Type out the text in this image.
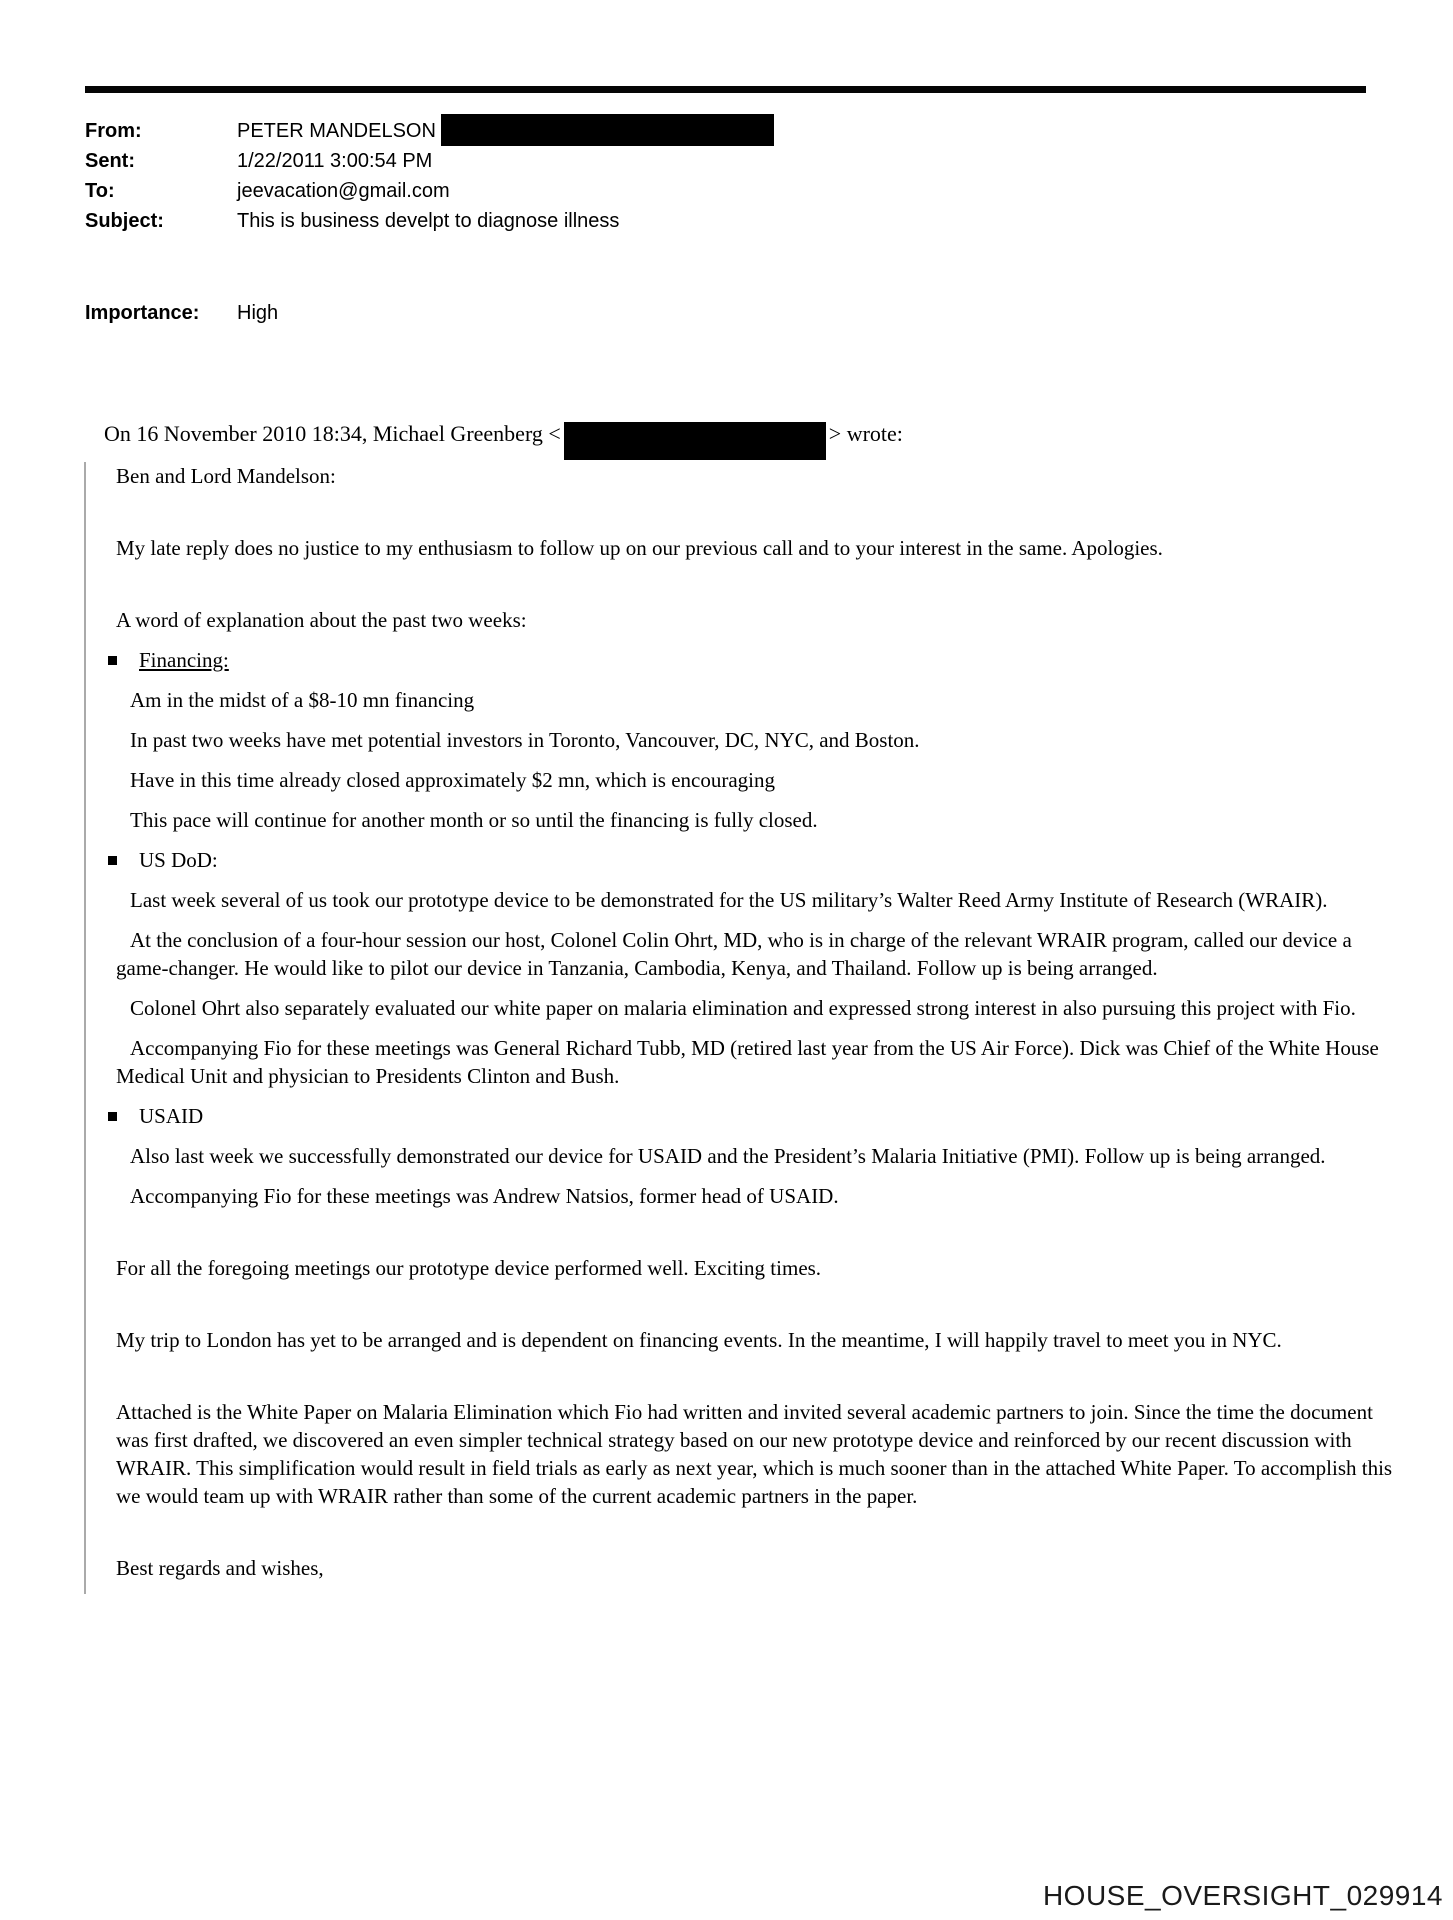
From:	PETER MANDELSON
Sent:	1/22/2011 3:00:54 PM
To:	jeevacation@gmail.com
Subject:	This is business develpt to diagnose illness
Importance:	High
On 16 November 2010 18:34, Michael Greenberg <	> wrote:

Ben and Lord Mandelson:

My late reply does no justice to my enthusiasm to follow up on our previous call and to your interest in the same. Apologies.

A word of explanation about the past two weeks:

Financing:

Am in the midst of a $8-10 mn financing

In past two weeks have met potential investors in Toronto, Vancouver, DC, NYC, and Boston.

Have in this time already closed approximately $2 mn, which is encouraging

This pace will continue for another month or so until the financing is fully closed.

US DoD:

Last week several of us took our prototype device to be demonstrated for the US military’s Walter Reed Army Institute of Research (WRAIR).

At the conclusion of a four-hour session our host, Colonel Colin Ohrt, MD, who is in charge of the relevant WRAIR program, called our device a game-changer. He would like to pilot our device in Tanzania, Cambodia, Kenya, and Thailand. Follow up is being arranged.

Colonel Ohrt also separately evaluated our white paper on malaria elimination and expressed strong interest in also pursuing this project with Fio.

Accompanying Fio for these meetings was General Richard Tubb, MD (retired last year from the US Air Force). Dick was Chief of the White House Medical Unit and physician to Presidents Clinton and Bush.

USAID

Also last week we successfully demonstrated our device for USAID and the President’s Malaria Initiative (PMI). Follow up is being arranged.

Accompanying Fio for these meetings was Andrew Natsios, former head of USAID.

For all the foregoing meetings our prototype device performed well. Exciting times.

My trip to London has yet to be arranged and is dependent on financing events. In the meantime, I will happily travel to meet you in NYC.

Attached is the White Paper on Malaria Elimination which Fio had written and invited several academic partners to join. Since the time the document was first drafted, we discovered an even simpler technical strategy based on our new prototype device and reinforced by our recent discussion with WRAIR. This simplification would result in field trials as early as next year, which is much sooner than in the attached White Paper. To accomplish this we would team up with WRAIR rather than some of the current academic partners in the paper.

Best regards and wishes,

HOUSE_OVERSIGHT_029914
